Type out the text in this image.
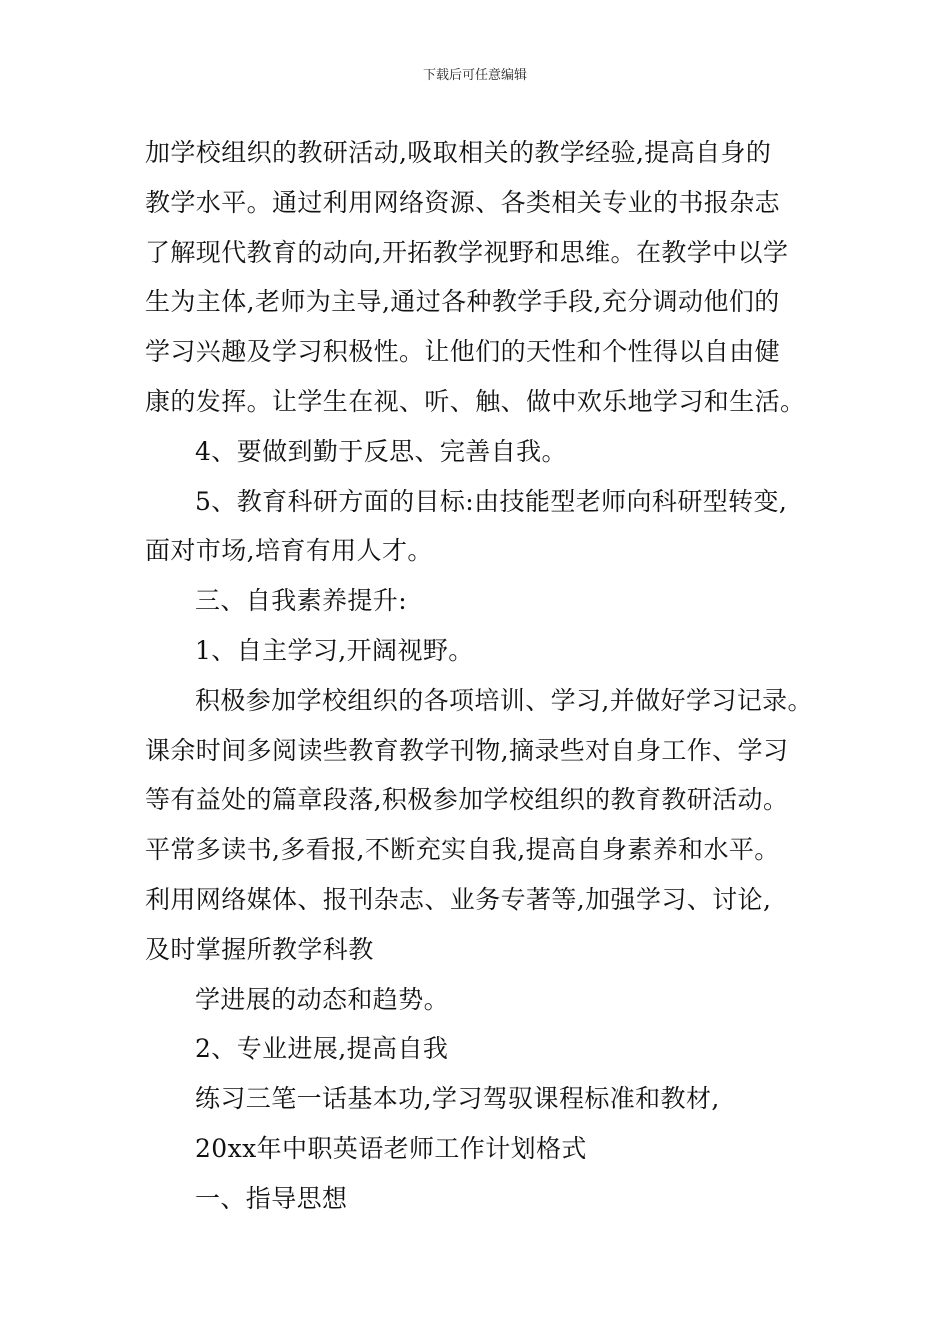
下载后可任意编辑
加学校组织的教研活动,吸取相关的教学经验,提高自身的
教学水平。通过利用网络资源、各类相关专业的书报杂志
了解现代教育的动向,开拓教学视野和思维。在教学中以学
生为主体,老师为主导,通过各种教学手段,充分调动他们的
学习兴趣及学习积极性。让他们的天性和个性得以自由健
康的发挥。让学生在视、听、触、做中欢乐地学习和生活。
4、要做到勤于反思、完善自我。
5、教育科研方面的目标:由技能型老师向科研型转变,
面对市场,培育有用人才。
三、自我素养提升:
1、自主学习,开阔视野。
积极参加学校组织的各项培训、学习,并做好学习记录。
课余时间多阅读些教育教学刊物,摘录些对自身工作、学习
等有益处的篇章段落,积极参加学校组织的教育教研活动。
平常多读书,多看报,不断充实自我,提高自身素养和水平。
利用网络媒体、报刊杂志、业务专著等,加强学习、讨论,
及时掌握所教学科教
学进展的动态和趋势。
2、专业进展,提高自我
练习三笔一话基本功,学习驾驭课程标准和教材,
20xx年中职英语老师工作计划格式
一、指导思想
